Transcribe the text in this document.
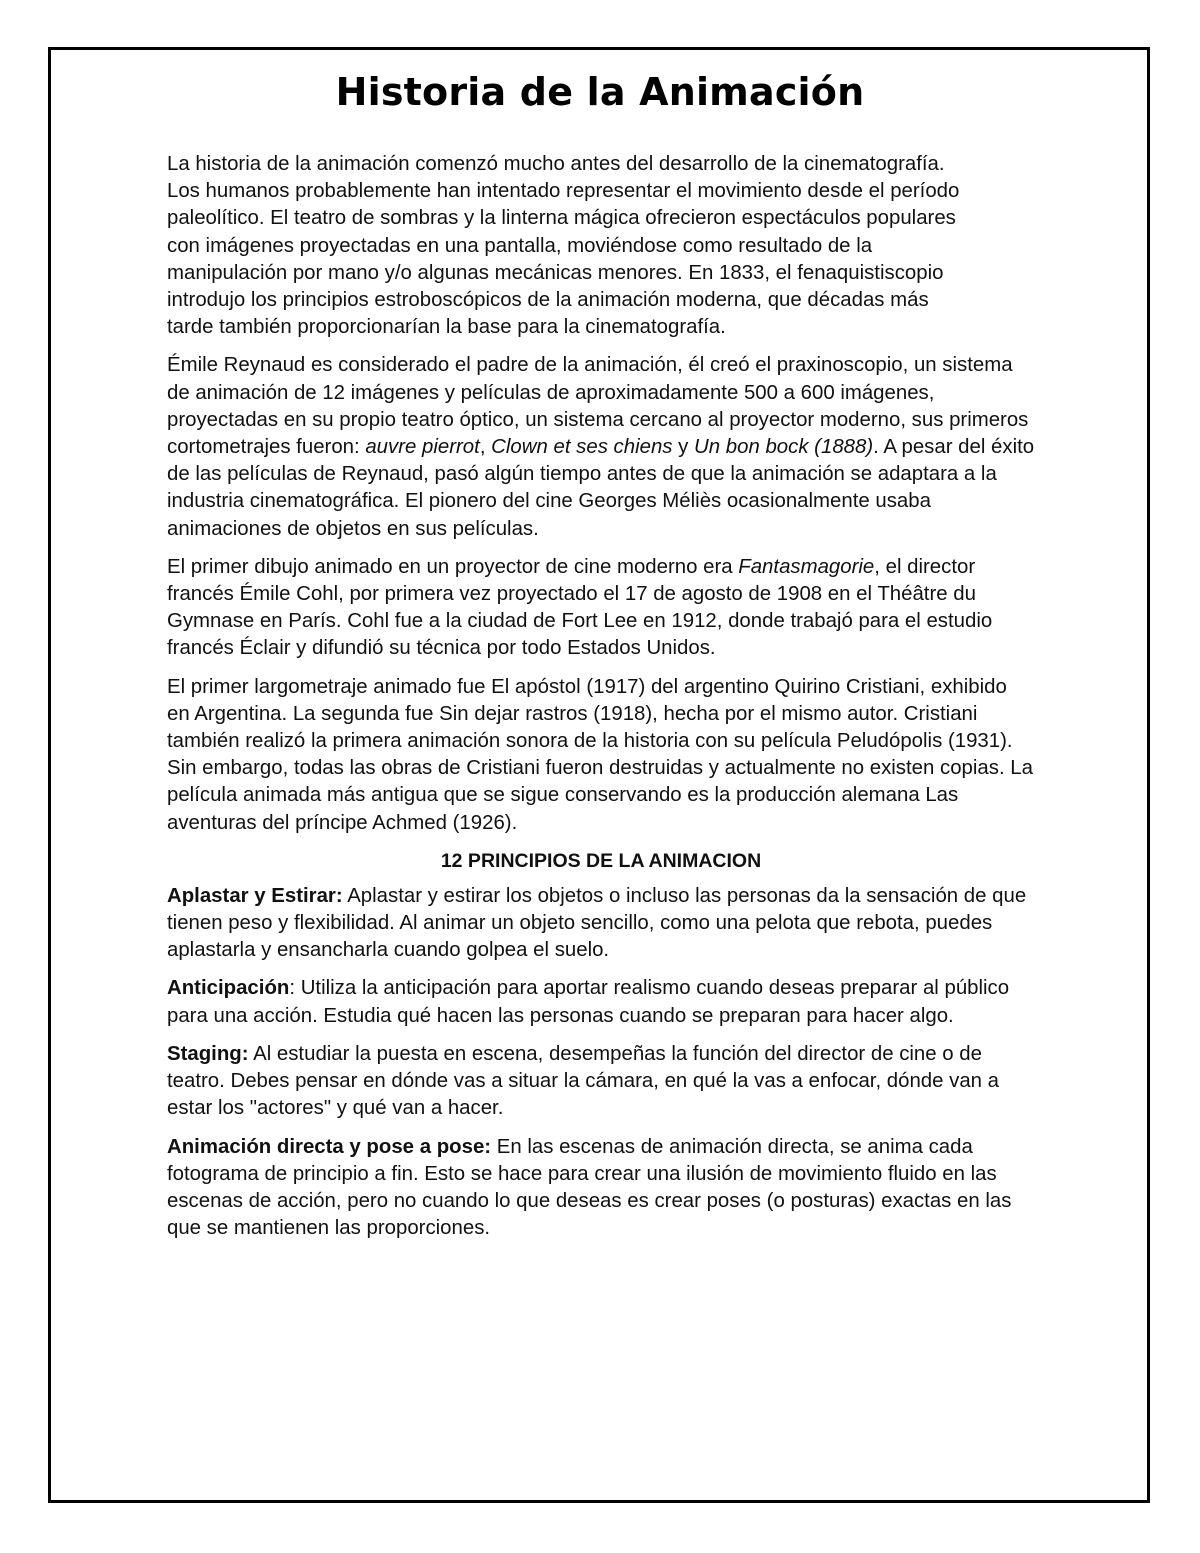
Historia de la Animación

La historia de la animación comenzó mucho antes del desarrollo de la cinematografía. Los humanos probablemente han intentado representar el movimiento desde el período paleolítico. El teatro de sombras y la linterna mágica ofrecieron espectáculos populares con imágenes proyectadas en una pantalla, moviéndose como resultado de la manipulación por mano y/o algunas mecánicas menores. En 1833, el fenaquistiscopio introdujo los principios estroboscópicos de la animación moderna, que décadas más tarde también proporcionarían la base para la cinematografía.

Émile Reynaud es considerado el padre de la animación, él creó el praxinoscopio, un sistema de animación de 12 imágenes y películas de aproximadamente 500 a 600 imágenes, proyectadas en su propio teatro óptico, un sistema cercano al proyector moderno, sus primeros cortometrajes fueron: auvre pierrot, Clown et ses chiens y Un bon bock (1888). A pesar del éxito de las películas de Reynaud, pasó algún tiempo antes de que la animación se adaptara a la industria cinematográfica. El pionero del cine Georges Méliès ocasionalmente usaba animaciones de objetos en sus películas.

El primer dibujo animado en un proyector de cine moderno era Fantasmagorie, el director francés Émile Cohl, por primera vez proyectado el 17 de agosto de 1908 en el Théâtre du Gymnase en París. Cohl fue a la ciudad de Fort Lee en 1912, donde trabajó para el estudio francés Éclair y difundió su técnica por todo Estados Unidos.

El primer largometraje animado fue El apóstol (1917) del argentino Quirino Cristiani, exhibido en Argentina. La segunda fue Sin dejar rastros (1918), hecha por el mismo autor. Cristiani también realizó la primera animación sonora de la historia con su película Peludópolis (1931). Sin embargo, todas las obras de Cristiani fueron destruidas y actualmente no existen copias. La película animada más antigua que se sigue conservando es la producción alemana Las aventuras del príncipe Achmed (1926).

12 PRINCIPIOS DE LA ANIMACION

Aplastar y Estirar: Aplastar y estirar los objetos o incluso las personas da la sensación de que tienen peso y flexibilidad. Al animar un objeto sencillo, como una pelota que rebota, puedes aplastarla y ensancharla cuando golpea el suelo.

Anticipación: Utiliza la anticipación para aportar realismo cuando deseas preparar al público para una acción. Estudia qué hacen las personas cuando se preparan para hacer algo.

Staging: Al estudiar la puesta en escena, desempeñas la función del director de cine o de teatro. Debes pensar en dónde vas a situar la cámara, en qué la vas a enfocar, dónde van a estar los "actores" y qué van a hacer.

Animación directa y pose a pose: En las escenas de animación directa, se anima cada fotograma de principio a fin. Esto se hace para crear una ilusión de movimiento fluido en las escenas de acción, pero no cuando lo que deseas es crear poses (o posturas) exactas en las que se mantienen las proporciones.
